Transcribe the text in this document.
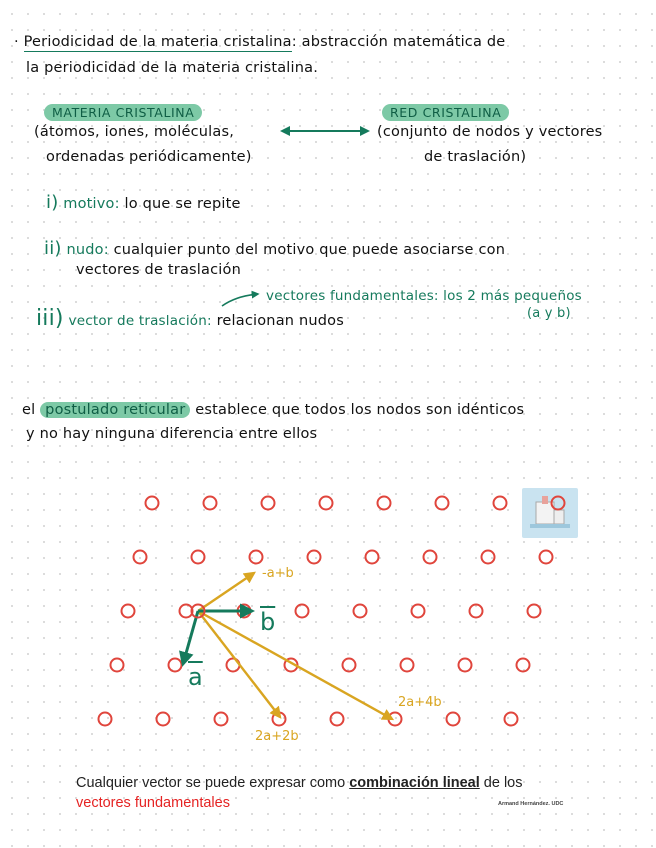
· Periodicidad de la materia cristalina: abstracción matemática de
la periodicidad de la materia cristalina.
MATERIA CRISTALINA
(átomos, iones, moléculas,
ordenadas periódicamente)
RED CRISTALINA
(conjunto de nodos y vectores
de traslación)
i) motivo: lo que se repite
ii) nudo: cualquier punto del motivo que puede asociarse con
vectores de traslación
vectores fundamentales: los 2 más pequeños
(a y b)
iii) vector de traslación: relacionan nudos
el postulado reticular establece que todos los nodos son idénticos
y no hay ninguna diferencia entre ellos
$\overline{a}$
$\overline{b}$
-a+b
2a+2b
2a+4b
Cualquier vector se puede expresar como combinación lineal de los
vectores fundamentales	Armand Hernández. UDC
